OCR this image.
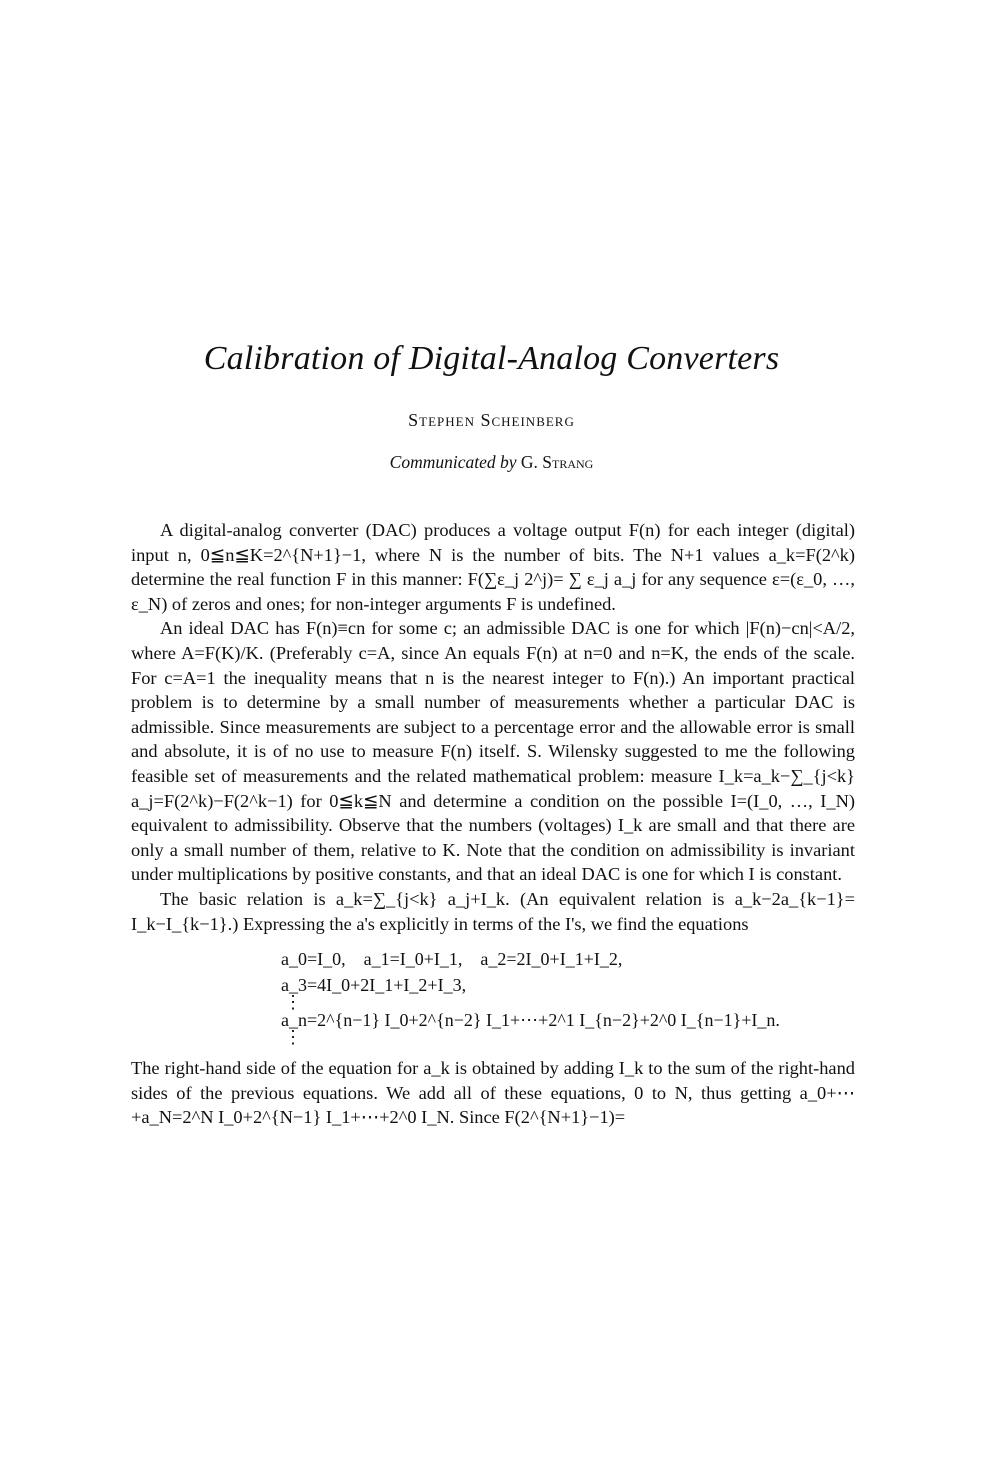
Calibration of Digital-Analog Converters
Stephen Scheinberg
Communicated by G. Strang

A digital-analog converter (DAC) produces a voltage output F(n) for each integer (digital) input n, 0≦n≦K=2^{N+1}−1, where N is the number of bits. The N+1 values a_k=F(2^k) determine the real function F in this manner: F(∑ε_j 2^j)= ∑ ε_j a_j for any sequence ε=(ε_0, …, ε_N) of zeros and ones; for non-integer arguments F is undefined.

An ideal DAC has F(n)≡cn for some c; an admissible DAC is one for which |F(n)−cn|<A/2, where A=F(K)/K. (Preferably c=A, since An equals F(n) at n=0 and n=K, the ends of the scale. For c=A=1 the inequality means that n is the nearest integer to F(n).) An important practical problem is to determine by a small number of measurements whether a particular DAC is admissible. Since measurements are subject to a percentage error and the allowable error is small and absolute, it is of no use to measure F(n) itself. S. Wilensky suggested to me the following feasible set of measurements and the related mathematical problem: measure I_k=a_k−∑_{j<k} a_j=F(2^k)−F(2^k−1) for 0≦k≦N and determine a condition on the possible I=(I_0, …, I_N) equivalent to admissibility. Observe that the numbers (voltages) I_k are small and that there are only a small number of them, relative to K. Note that the condition on admissibility is invariant under multiplications by positive constants, and that an ideal DAC is one for which I is constant.

The basic relation is a_k=∑_{j<k} a_j+I_k. (An equivalent relation is a_k−2a_{k−1}= I_k−I_{k−1}.) Expressing the a's explicitly in terms of the I's, we find the equations

a_0=I_0,    a_1=I_0+I_1,    a_2=2I_0+I_1+I_2,
a_3=4I_0+2I_1+I_2+I_3,
⋮
a_n=2^{n−1} I_0+2^{n−2} I_1+⋯+2^1 I_{n−2}+2^0 I_{n−1}+I_n.
⋮

The right-hand side of the equation for a_k is obtained by adding I_k to the sum of the right-hand sides of the previous equations. We add all of these equations, 0 to N, thus getting a_0+⋯+a_N=2^N I_0+2^{N−1} I_1+⋯+2^0 I_N. Since F(2^{N+1}−1)=
